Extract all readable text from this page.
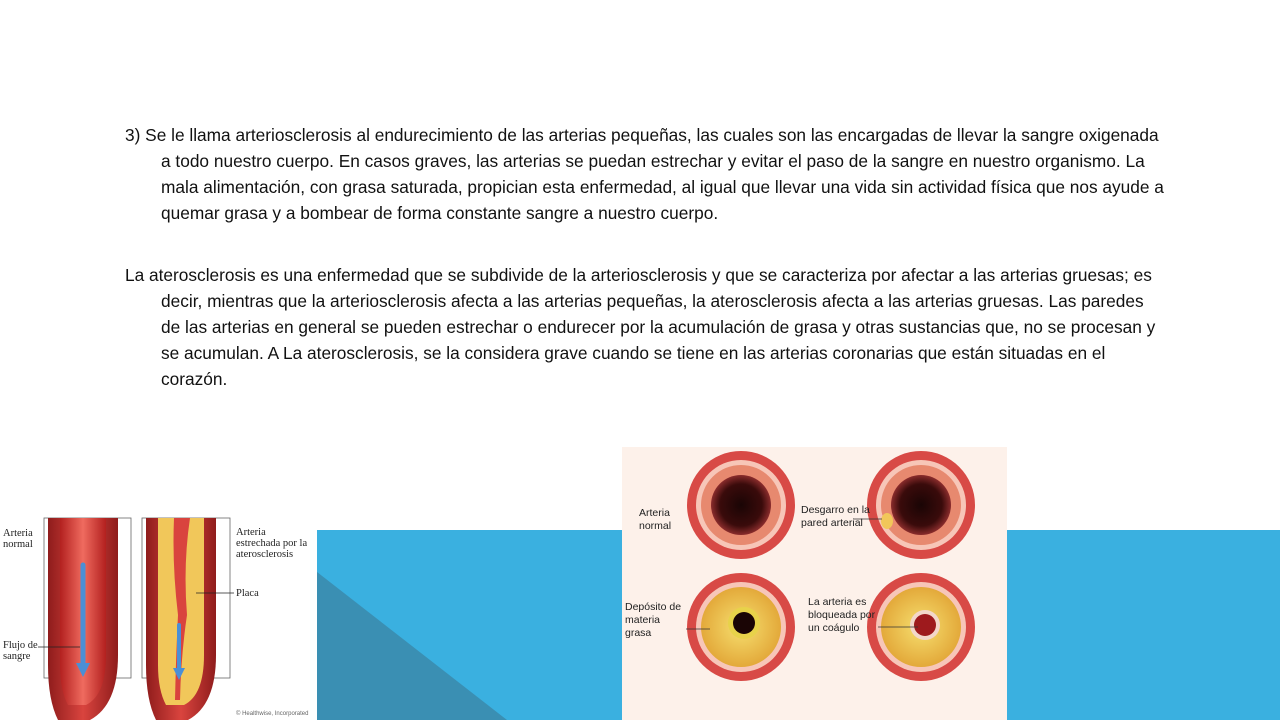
3) Se le llama arteriosclerosis al endurecimiento de las arterias pequeñas, las cuales son las encargadas de llevar la sangre oxigenada a todo nuestro cuerpo. En casos graves, las arterias se puedan estrechar y evitar el paso de la sangre en nuestro organismo. La mala alimentación, con grasa saturada, propician esta enfermedad, al igual que llevar una vida sin actividad física que nos ayude a quemar grasa y a bombear de forma constante sangre a nuestro cuerpo.

La aterosclerosis es una enfermedad que se subdivide de la arteriosclerosis y que se caracteriza por afectar a las arterias gruesas; es decir, mientras que la arteriosclerosis afecta a las arterias pequeñas, la aterosclerosis afecta a las arterias gruesas. Las paredes de las arterias en general se pueden estrechar o endurecer por la acumulación de grasa y otras sustancias que, no se procesan y se acumulan. A La aterosclerosis, se la considera grave cuando se tiene en las arterias coronarias que están situadas en el corazón.

Arteria normal
Arteria estrechada por la aterosclerosis
Placa
Flujo de sangre
© Healthwise, Incorporated
Arteria normal
Desgarro en la pared arterial
Depósito de materia grasa
La arteria es bloqueada por un coágulo
